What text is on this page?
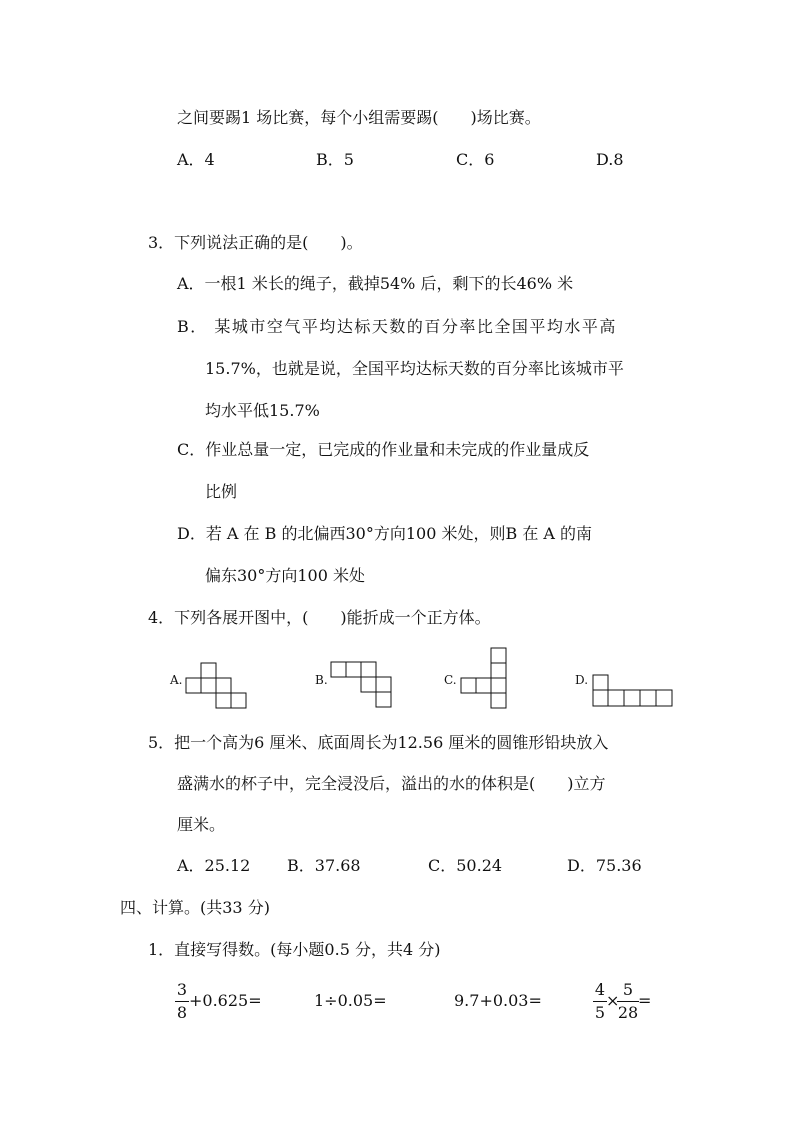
之间要踢1 场比赛，每个小组需要踢(　　)场比赛。
A．4	B．5	C．6	D.8
3．下列说法正确的是(　　)。
A．一根1 米长的绳子，截掉54% 后，剩下的长46% 米
B． 某城市空气平均达标天数的百分率比全国平均水平高
15.7%，也就是说，全国平均达标天数的百分率比该城市平
均水平低15.7%
C．作业总量一定，已完成的作业量和未完成的作业量成反
比例
D．若 A 在 B 的北偏西30°方向100 米处，则B 在 A 的南
偏东30°方向100 米处
4．下列各展开图中，(　　)能折成一个正方体。
A.	B.	C.	D.
5．把一个高为6 厘米、底面周长为12.56 厘米的圆锥形铅块放入
盛满水的杯子中，完全浸没后，溢出的水的体积是(　　)立方
厘米。
A．25.12 B．37.68	C．50.24	D．75.36
四、计算。(共33 分)
1．直接写得数。(每小题0.5 分，共4 分)
3
8
+0.625=	1÷0.05=	9.7+0.03=
4
5
×
5
28
=
